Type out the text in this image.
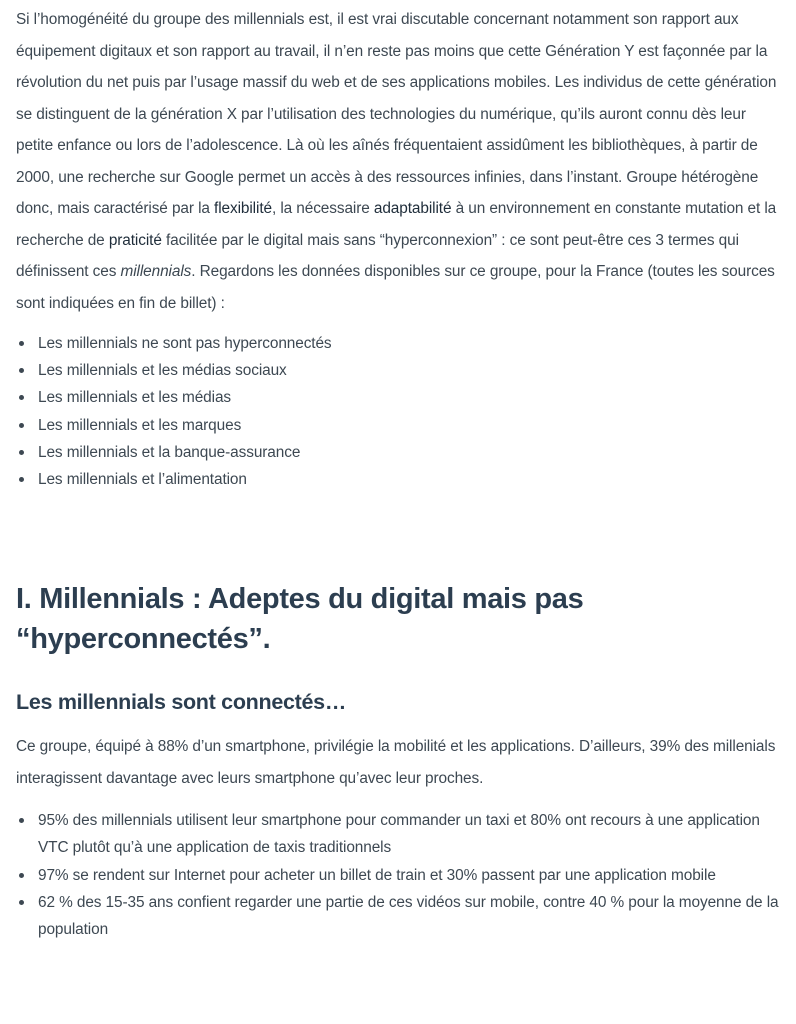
Si l’homogénéité du groupe des millennials est, il est vrai discutable concernant notamment son rapport aux équipement digitaux et son rapport au travail, il n’en reste pas moins que cette Génération Y est façonnée par la révolution du net puis par l’usage massif du web et de ses applications mobiles. Les individus de cette génération se distinguent de la génération X par l’utilisation des technologies du numérique, qu’ils auront connu dès leur petite enfance ou lors de l’adolescence. Là où les aînés fréquentaient assidûment les bibliothèques, à partir de 2000, une recherche sur Google permet un accès à des ressources infinies, dans l’instant. Groupe hétérogène donc, mais caractérisé par la flexibilité, la nécessaire adaptabilité à un environnement en constante mutation et la recherche de praticité facilitée par le digital mais sans “hyperconnexion” : ce sont peut-être ces 3 termes qui définissent ces millennials. Regardons les données disponibles sur ce groupe, pour la France (toutes les sources sont indiquées en fin de billet) :

Les millennials ne sont pas hyperconnectés
Les millennials et les médias sociaux
Les millennials et les médias
Les millennials et les marques
Les millennials et la banque-assurance
Les millennials et l’alimentation
I. Millennials : Adeptes du digital mais pas
“hyperconnectés”.
Les millennials sont connectés…

Ce groupe, équipé à 88% d’un smartphone, privilégie la mobilité et les applications. D’ailleurs, 39% des millenials interagissent davantage avec leurs smartphone qu’avec leur proches.

95% des millennials utilisent leur smartphone pour commander un taxi et 80% ont recours à une application VTC plutôt qu’à une application de taxis traditionnels
97% se rendent sur Internet pour acheter un billet de train et 30% passent par une application mobile
62 % des 15-35 ans confient regarder une partie de ces vidéos sur mobile, contre 40 % pour la moyenne de la population
